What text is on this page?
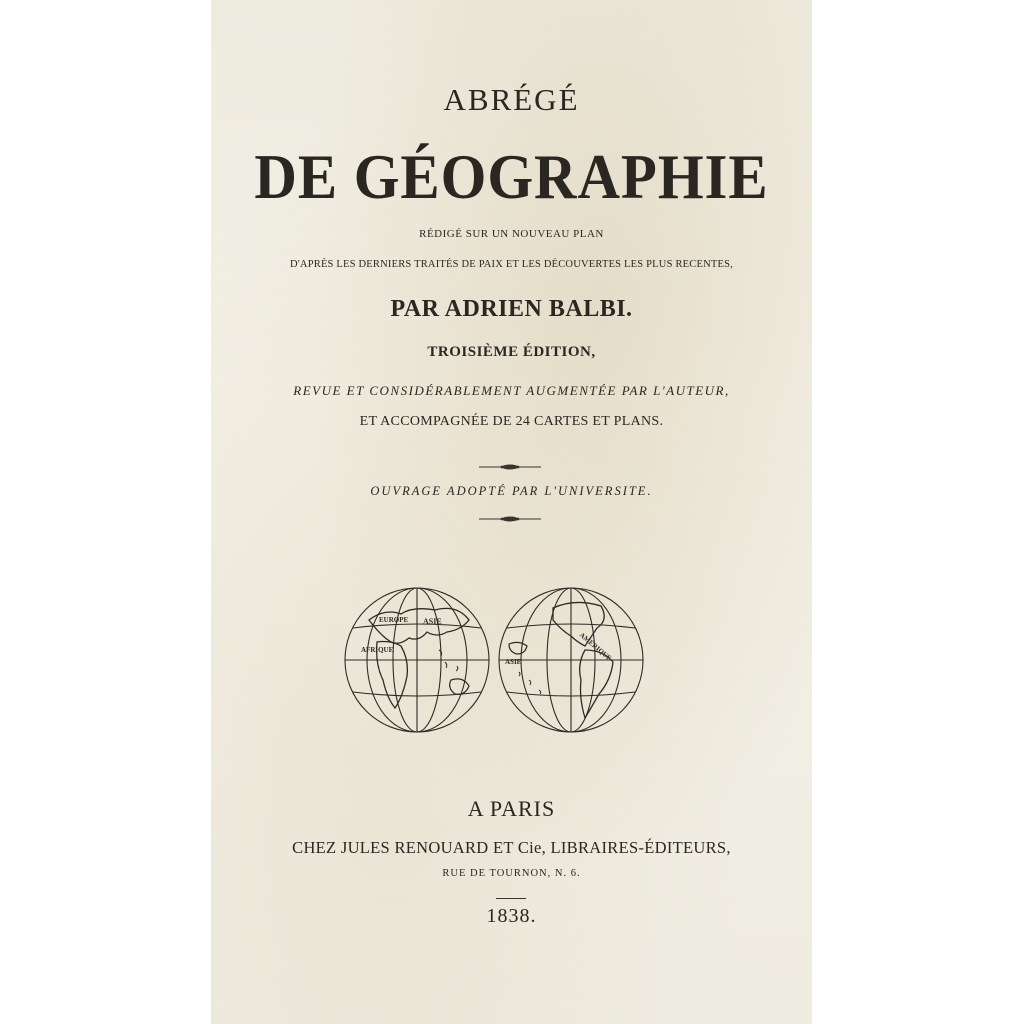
ABRÉGÉ
DE GÉOGRAPHIE
RÉDIGÉ SUR UN NOUVEAU PLAN
D'APRÈS LES DERNIERS TRAITÉS DE PAIX ET LES DÉCOUVERTES LES PLUS RECENTES,
PAR ADRIEN BALBI.
TROISIÈME ÉDITION,
REVUE ET CONSIDÉRABLEMENT AUGMENTÉE PAR L'AUTEUR,
ET ACCOMPAGNÉE DE 24 CARTES ET PLANS.
OUVRAGE ADOPTÉ PAR L'UNIVERSITE.
EUROPE ASIE
AFRIQUE	AMÉRIQUE
ASIE
A PARIS
CHEZ JULES RENOUARD ET Cie, LIBRAIRES-ÉDITEURS,
RUE DE TOURNON, N. 6.
1838.
